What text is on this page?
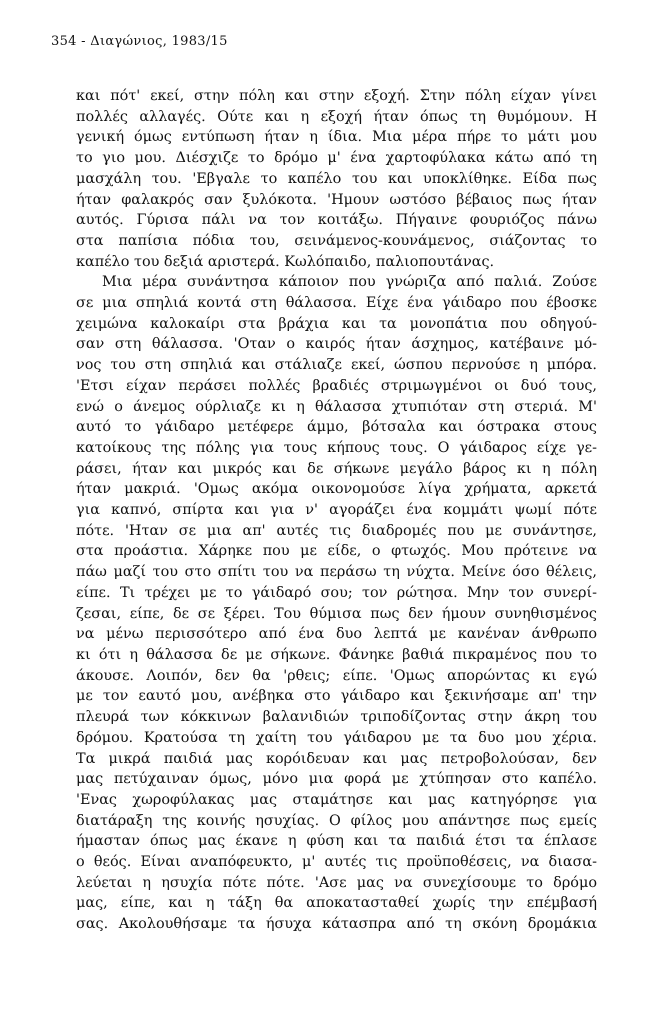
354 - Διαγώνιος, 1983/15
και πότ' εκεί, στην πόλη και στην εξοχή. Στην πόλη είχαν γίνει
πολλές αλλαγές. Ούτε και η εξοχή ήταν όπως τη θυμόμουν. Η
γενική όμως εντύπωση ήταν η ίδια. Μια μέρα πήρε το μάτι μου
το γιο μου. Διέσχιζε το δρόμο μ' ένα χαρτοφύλακα κάτω από τη
μασχάλη του. 'Εβγαλε το καπέλο του και υποκλίθηκε. Είδα πως
ήταν φαλακρός σαν ξυλόκοτα. 'Ημουν ωστόσο βέβαιος πως ήταν
αυτός. Γύρισα πάλι να τον κοιτάξω. Πήγαινε φουριόζος πάνω
στα παπίσια πόδια του, σεινάμενος-κουνάμενος, σιάζοντας το
καπέλο του δεξιά αριστερά. Κωλόπαιδο, παλιοπουτάνας.
Μια μέρα συνάντησα κάποιον που γνώριζα από παλιά. Ζούσε
σε μια σπηλιά κοντά στη θάλασσα. Είχε ένα γάιδαρο που έβοσκε
χειμώνα καλοκαίρι στα βράχια και τα μονοπάτια που οδηγού-
σαν στη θάλασσα. 'Οταν ο καιρός ήταν άσχημος, κατέβαινε μό-
νος του στη σπηλιά και στάλιαζε εκεί, ώσπου περνούσε η μπόρα.
'Ετσι είχαν περάσει πολλές βραδιές στριμωγμένοι οι δυό τους,
ενώ ο άνεμος ούρλιαζε κι η θάλασσα χτυπιόταν στη στεριά. Μ'
αυτό το γάιδαρο μετέφερε άμμο, βότσαλα και όστρακα στους
κατοίκους της πόλης για τους κήπους τους. Ο γάιδαρος είχε γε-
ράσει, ήταν και μικρός και δε σήκωνε μεγάλο βάρος κι η πόλη
ήταν μακριά. 'Ομως ακόμα οικονομούσε λίγα χρήματα, αρκετά
για καπνό, σπίρτα και για ν' αγοράζει ένα κομμάτι ψωμί πότε
πότε. 'Ηταν σε μια απ' αυτές τις διαδρομές που με συνάντησε,
στα προάστια. Χάρηκε που με είδε, ο φτωχός. Μου πρότεινε να
πάω μαζί του στο σπίτι του να περάσω τη νύχτα. Μείνε όσο θέλεις,
είπε. Τι τρέχει με το γάιδαρό σου; τον ρώτησα. Μην τον συνερί-
ζεσαι, είπε, δε σε ξέρει. Του θύμισα πως δεν ήμουν συνηθισμένος
να μένω περισσότερο από ένα δυο λεπτά με κανέναν άνθρωπο
κι ότι η θάλασσα δε με σήκωνε. Φάνηκε βαθιά πικραμένος που το
άκουσε. Λοιπόν, δεν θα 'ρθεις; είπε. 'Ομως απορώντας κι εγώ
με τον εαυτό μου, ανέβηκα στο γάιδαρο και ξεκινήσαμε απ' την
πλευρά των κόκκινων βαλανιδιών τριποδίζοντας στην άκρη του
δρόμου. Κρατούσα τη χαίτη του γάιδαρου με τα δυο μου χέρια.
Τα μικρά παιδιά μας κορόιδευαν και μας πετροβολούσαν, δεν
μας πετύχαιναν όμως, μόνο μια φορά με χτύπησαν στο καπέλο.
'Ενας χωροφύλακας μας σταμάτησε και μας κατηγόρησε για
διατάραξη της κοινής ησυχίας. Ο φίλος μου απάντησε πως εμείς
ήμασταν όπως μας έκανε η φύση και τα παιδιά έτσι τα έπλασε
ο θεός. Είναι αναπόφευκτο, μ' αυτές τις προϋποθέσεις, να διασα-
λεύεται η ησυχία πότε πότε. 'Ασε μας να συνεχίσουμε το δρόμο
μας, είπε, και η τάξη θα αποκατασταθεί χωρίς την επέμβασή
σας. Ακολουθήσαμε τα ήσυχα κάτασπρα από τη σκόνη δρομάκια
